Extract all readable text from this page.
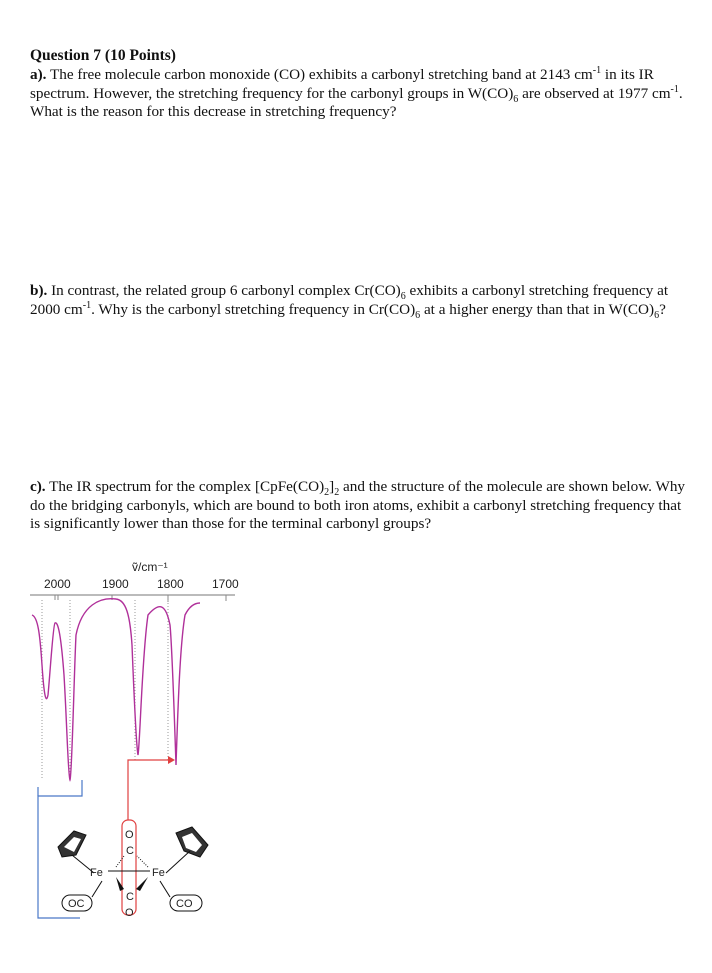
Question 7 (10 Points)
a). The free molecule carbon monoxide (CO) exhibits a carbonyl stretching band at 2143 $cm^{-1}$ in its IR spectrum. However, the stretching frequency for the carbonyl groups in $W(CO)_6$ are observed at 1977 $cm^{-1}$. What is the reason for this decrease in stretching frequency?
b). In contrast, the related group 6 carbonyl complex $Cr(CO)_6$ exhibits a carbonyl stretching frequency at 2000 $cm^{-1}$. Why is the carbonyl stretching frequency in $Cr(CO)_6$ at a higher energy than that in $W(CO)_6$?
c). The IR spectrum for the complex $[CpFe(CO)_2]_2$ and the structure of the molecule are shown below. Why do the bridging carbonyls, which are bound to both iron atoms, exhibit a carbonyl stretching frequency that is significantly lower than those for the terminal carbonyl groups?
ṽ/cm⁻¹
2000	1900 1800 1700
Fe	Fe
O
C
C
O
OC	CO
